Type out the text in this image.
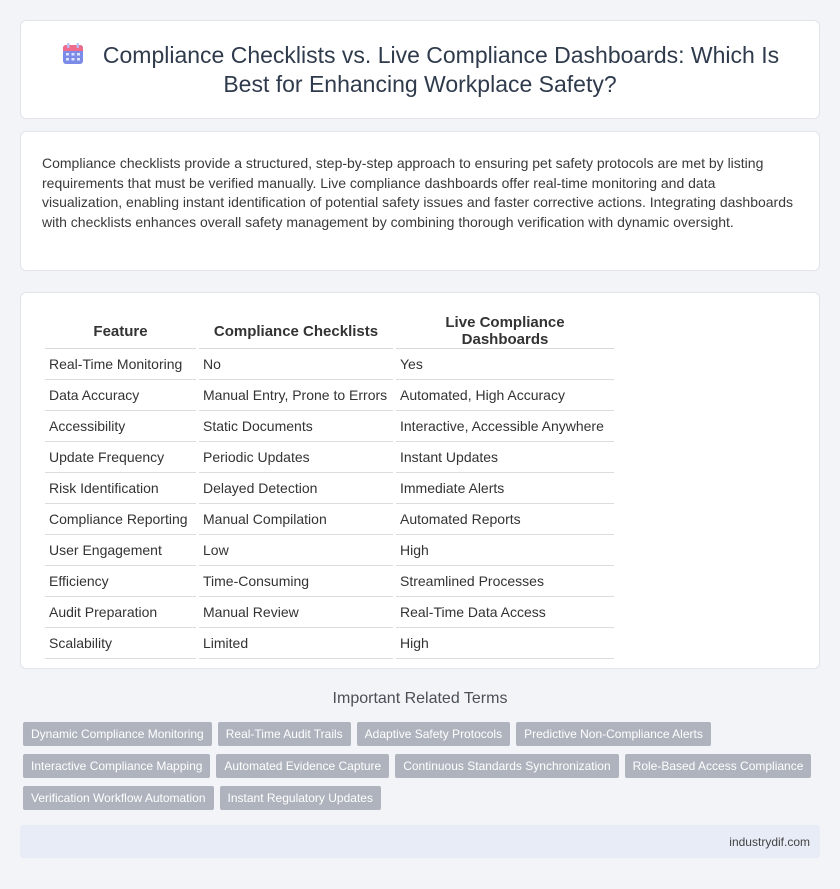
Compliance Checklists vs. Live Compliance Dashboards: Which Is Best for Enhancing Workplace Safety?

Compliance checklists provide a structured, step-by-step approach to ensuring pet safety protocols are met by listing requirements that must be verified manually. Live compliance dashboards offer real-time monitoring and data visualization, enabling instant identification of potential safety issues and faster corrective actions. Integrating dashboards with checklists enhances overall safety management by combining thorough verification with dynamic oversight.

Feature	Compliance Checklists	Live Compliance Dashboards
Real-Time Monitoring	No	Yes
Data Accuracy	Manual Entry, Prone to Errors	Automated, High Accuracy
Accessibility	Static Documents	Interactive, Accessible Anywhere
Update Frequency	Periodic Updates	Instant Updates
Risk Identification	Delayed Detection	Immediate Alerts
Compliance Reporting	Manual Compilation	Automated Reports
User Engagement	Low	High
Efficiency	Time-Consuming	Streamlined Processes
Audit Preparation	Manual Review	Real-Time Data Access
Scalability	Limited	High
Important Related Terms
Dynamic Compliance Monitoring	Real-Time Audit Trails	Adaptive Safety Protocols	Predictive Non-Compliance Alerts
Interactive Compliance Mapping	Automated Evidence Capture	Continuous Standards Synchronization	Role-Based Access Compliance
Verification Workflow Automation	Instant Regulatory Updates
industrydif.com
